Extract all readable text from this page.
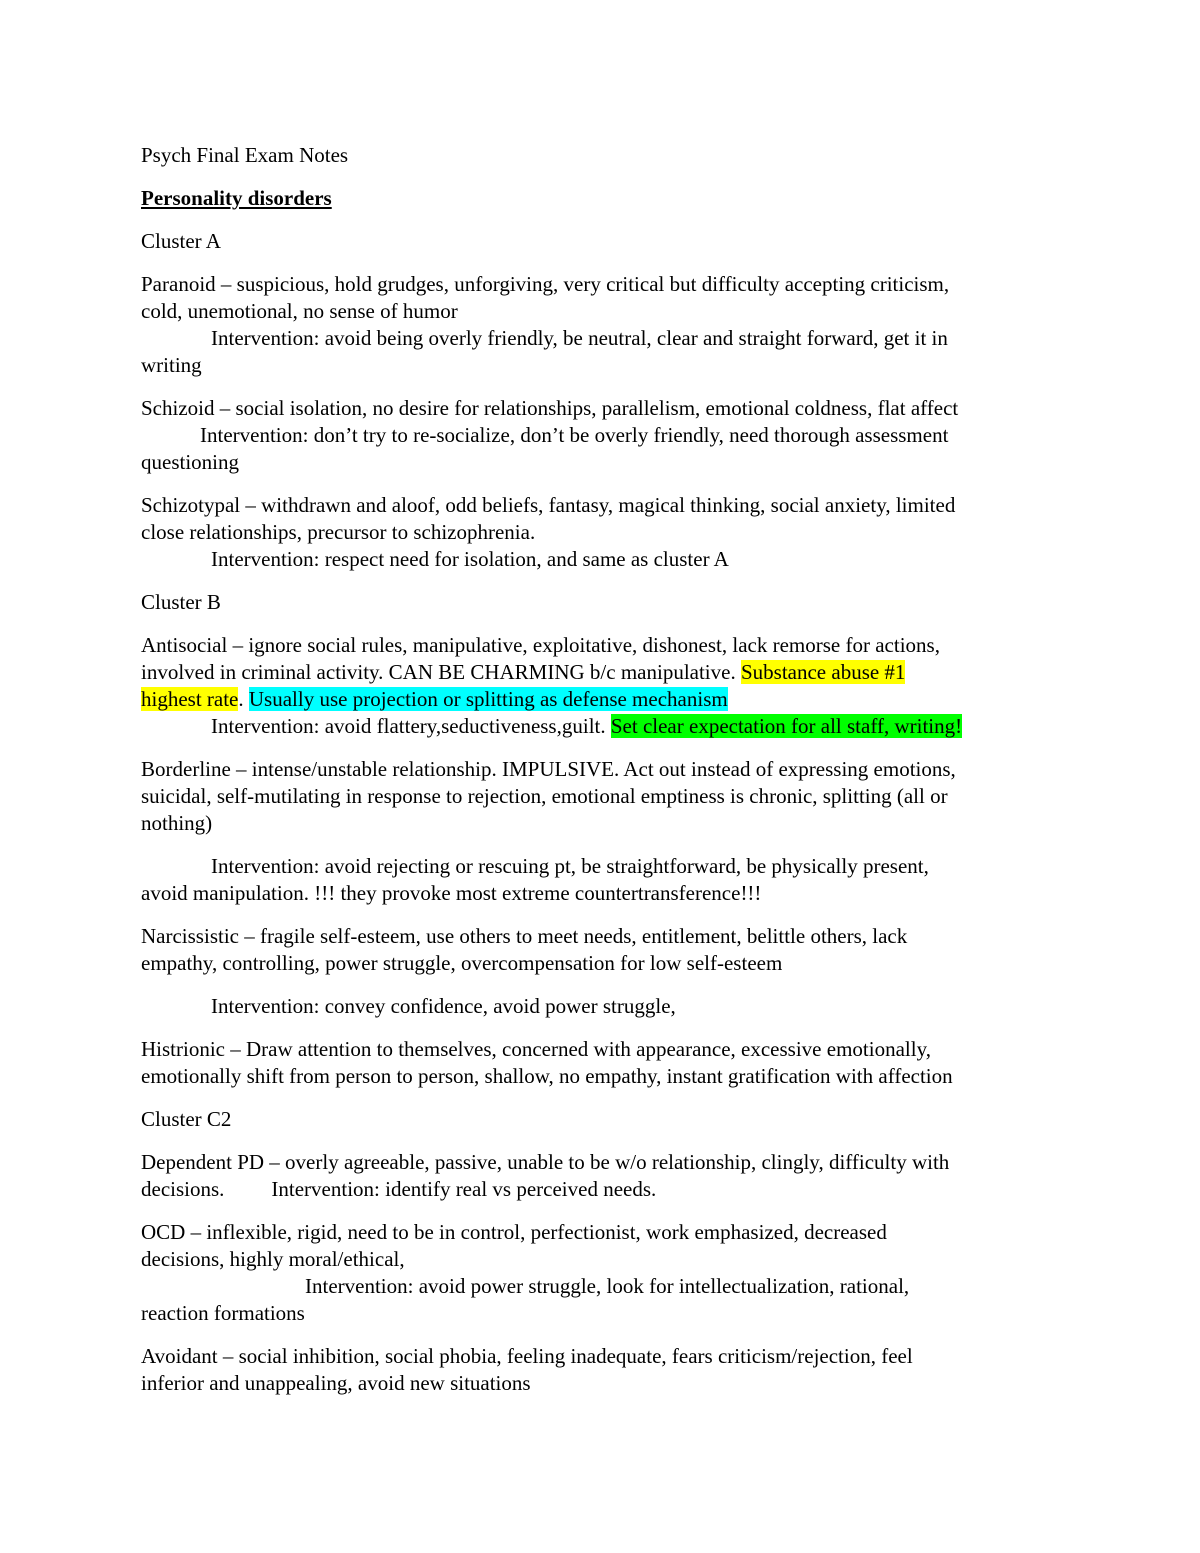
Psych Final Exam Notes

Personality disorders

Cluster A

Paranoid – suspicious, hold grudges, unforgiving, very critical but difficulty accepting criticism,

cold, unemotional, no sense of humor

Intervention: avoid being overly friendly, be neutral, clear and straight forward, get it in

writing

Schizoid – social isolation, no desire for relationships, parallelism, emotional coldness, flat affect

Intervention: don’t try to re-socialize, don’t be overly friendly, need thorough assessment

questioning

Schizotypal – withdrawn and aloof, odd beliefs, fantasy, magical thinking, social anxiety, limited

close relationships, precursor to schizophrenia.

Intervention: respect need for isolation, and same as cluster A

Cluster B

Antisocial – ignore social rules, manipulative, exploitative, dishonest, lack remorse for actions,

involved in criminal activity. CAN BE CHARMING b/c manipulative. Substance abuse #1

highest rate. Usually use projection or splitting as defense mechanism

Intervention: avoid flattery,seductiveness,guilt. Set clear expectation for all staff, writing!

Borderline – intense/unstable relationship. IMPULSIVE. Act out instead of expressing emotions,

suicidal, self-mutilating in response to rejection, emotional emptiness is chronic, splitting (all or

nothing)

Intervention: avoid rejecting or rescuing pt, be straightforward, be physically present,

avoid manipulation. !!! they provoke most extreme countertransference!!!

Narcissistic – fragile self-esteem, use others to meet needs, entitlement, belittle others, lack

empathy, controlling, power struggle, overcompensation for low self-esteem

Intervention: convey confidence, avoid power struggle,

Histrionic – Draw attention to themselves, concerned with appearance, excessive emotionally,

emotionally shift from person to person, shallow, no empathy, instant gratification with affection

Cluster C2

Dependent PD – overly agreeable, passive, unable to be w/o relationship, clingly, difficulty with

decisions. Intervention: identify real vs perceived needs.

OCD – inflexible, rigid, need to be in control, perfectionist, work emphasized, decreased

decisions, highly moral/ethical,

Intervention: avoid power struggle, look for intellectualization, rational,

reaction formations

Avoidant – social inhibition, social phobia, feeling inadequate, fears criticism/rejection, feel

inferior and unappealing, avoid new situations
